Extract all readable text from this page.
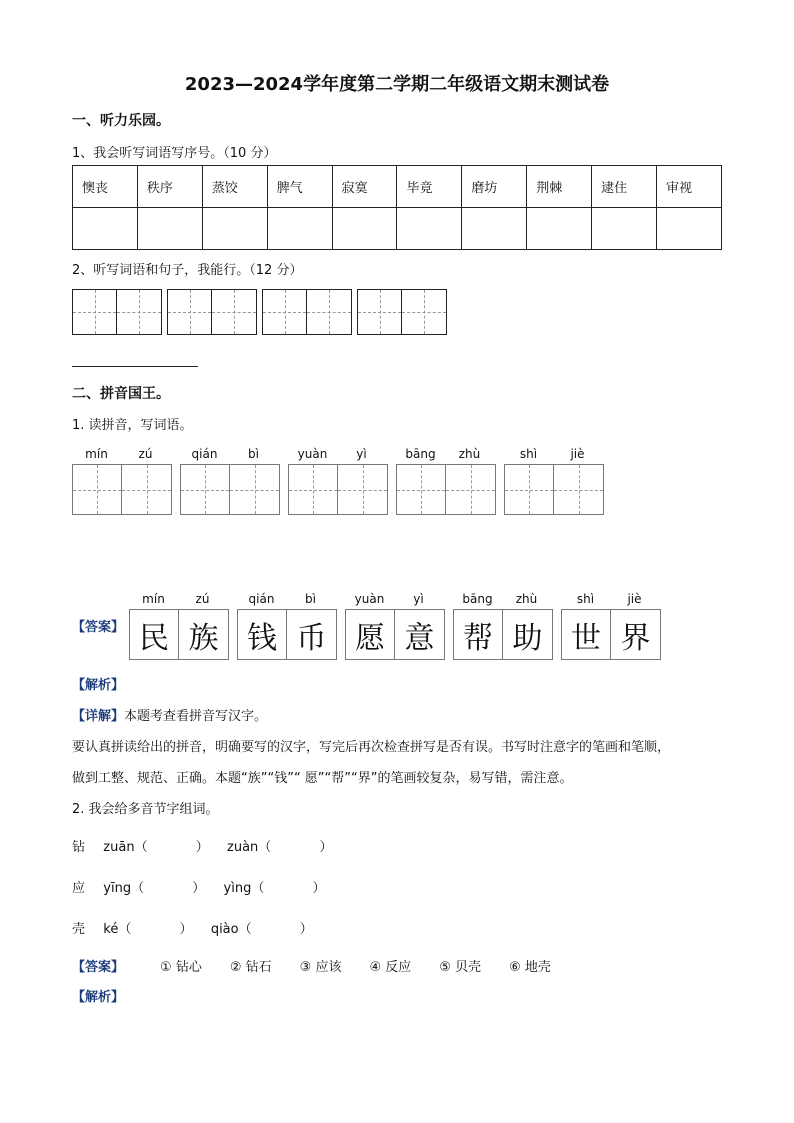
2023—2024学年度第二学期二年级语文期末测试卷
一、听力乐园。
1、我会听写词语写序号。（10 分）
懊丧	秩序	蒸饺	脾气	寂寞	毕竟	磨坊	荆棘	逮住	审视

2、听写词语和句子，我能行。（12 分）
二、拼音国王。
1. 读拼音，写词语。
mín	zú	qián	bì	yuàn	yì	bāng	zhù	shì	jiè
【答案】
mín	zú	qián	bì	yuàn	yì	bāng	zhù	shì	jiè
民 族 钱 币 愿 意 帮 助 世 界
【解析】
【详解】本题考查看拼音写汉字。
要认真拼读给出的拼音，明确要写的汉字，写完后再次检查拼写是否有误。书写时注意字的笔画和笔顺，
做到工整、规范、正确。本题“族”“钱”“ 愿”“帮”“界”的笔画较复杂，易写错，需注意。
2. 我会给多音节字组词。
钻 zuān（	） zuàn（	）
应 yīng（	） yìng（	）
壳 ké（	） qiào（	）
【答案】	① 钻心 ② 钻石 ③ 应该 ④ 反应 ⑤ 贝壳 ⑥ 地壳
【解析】
